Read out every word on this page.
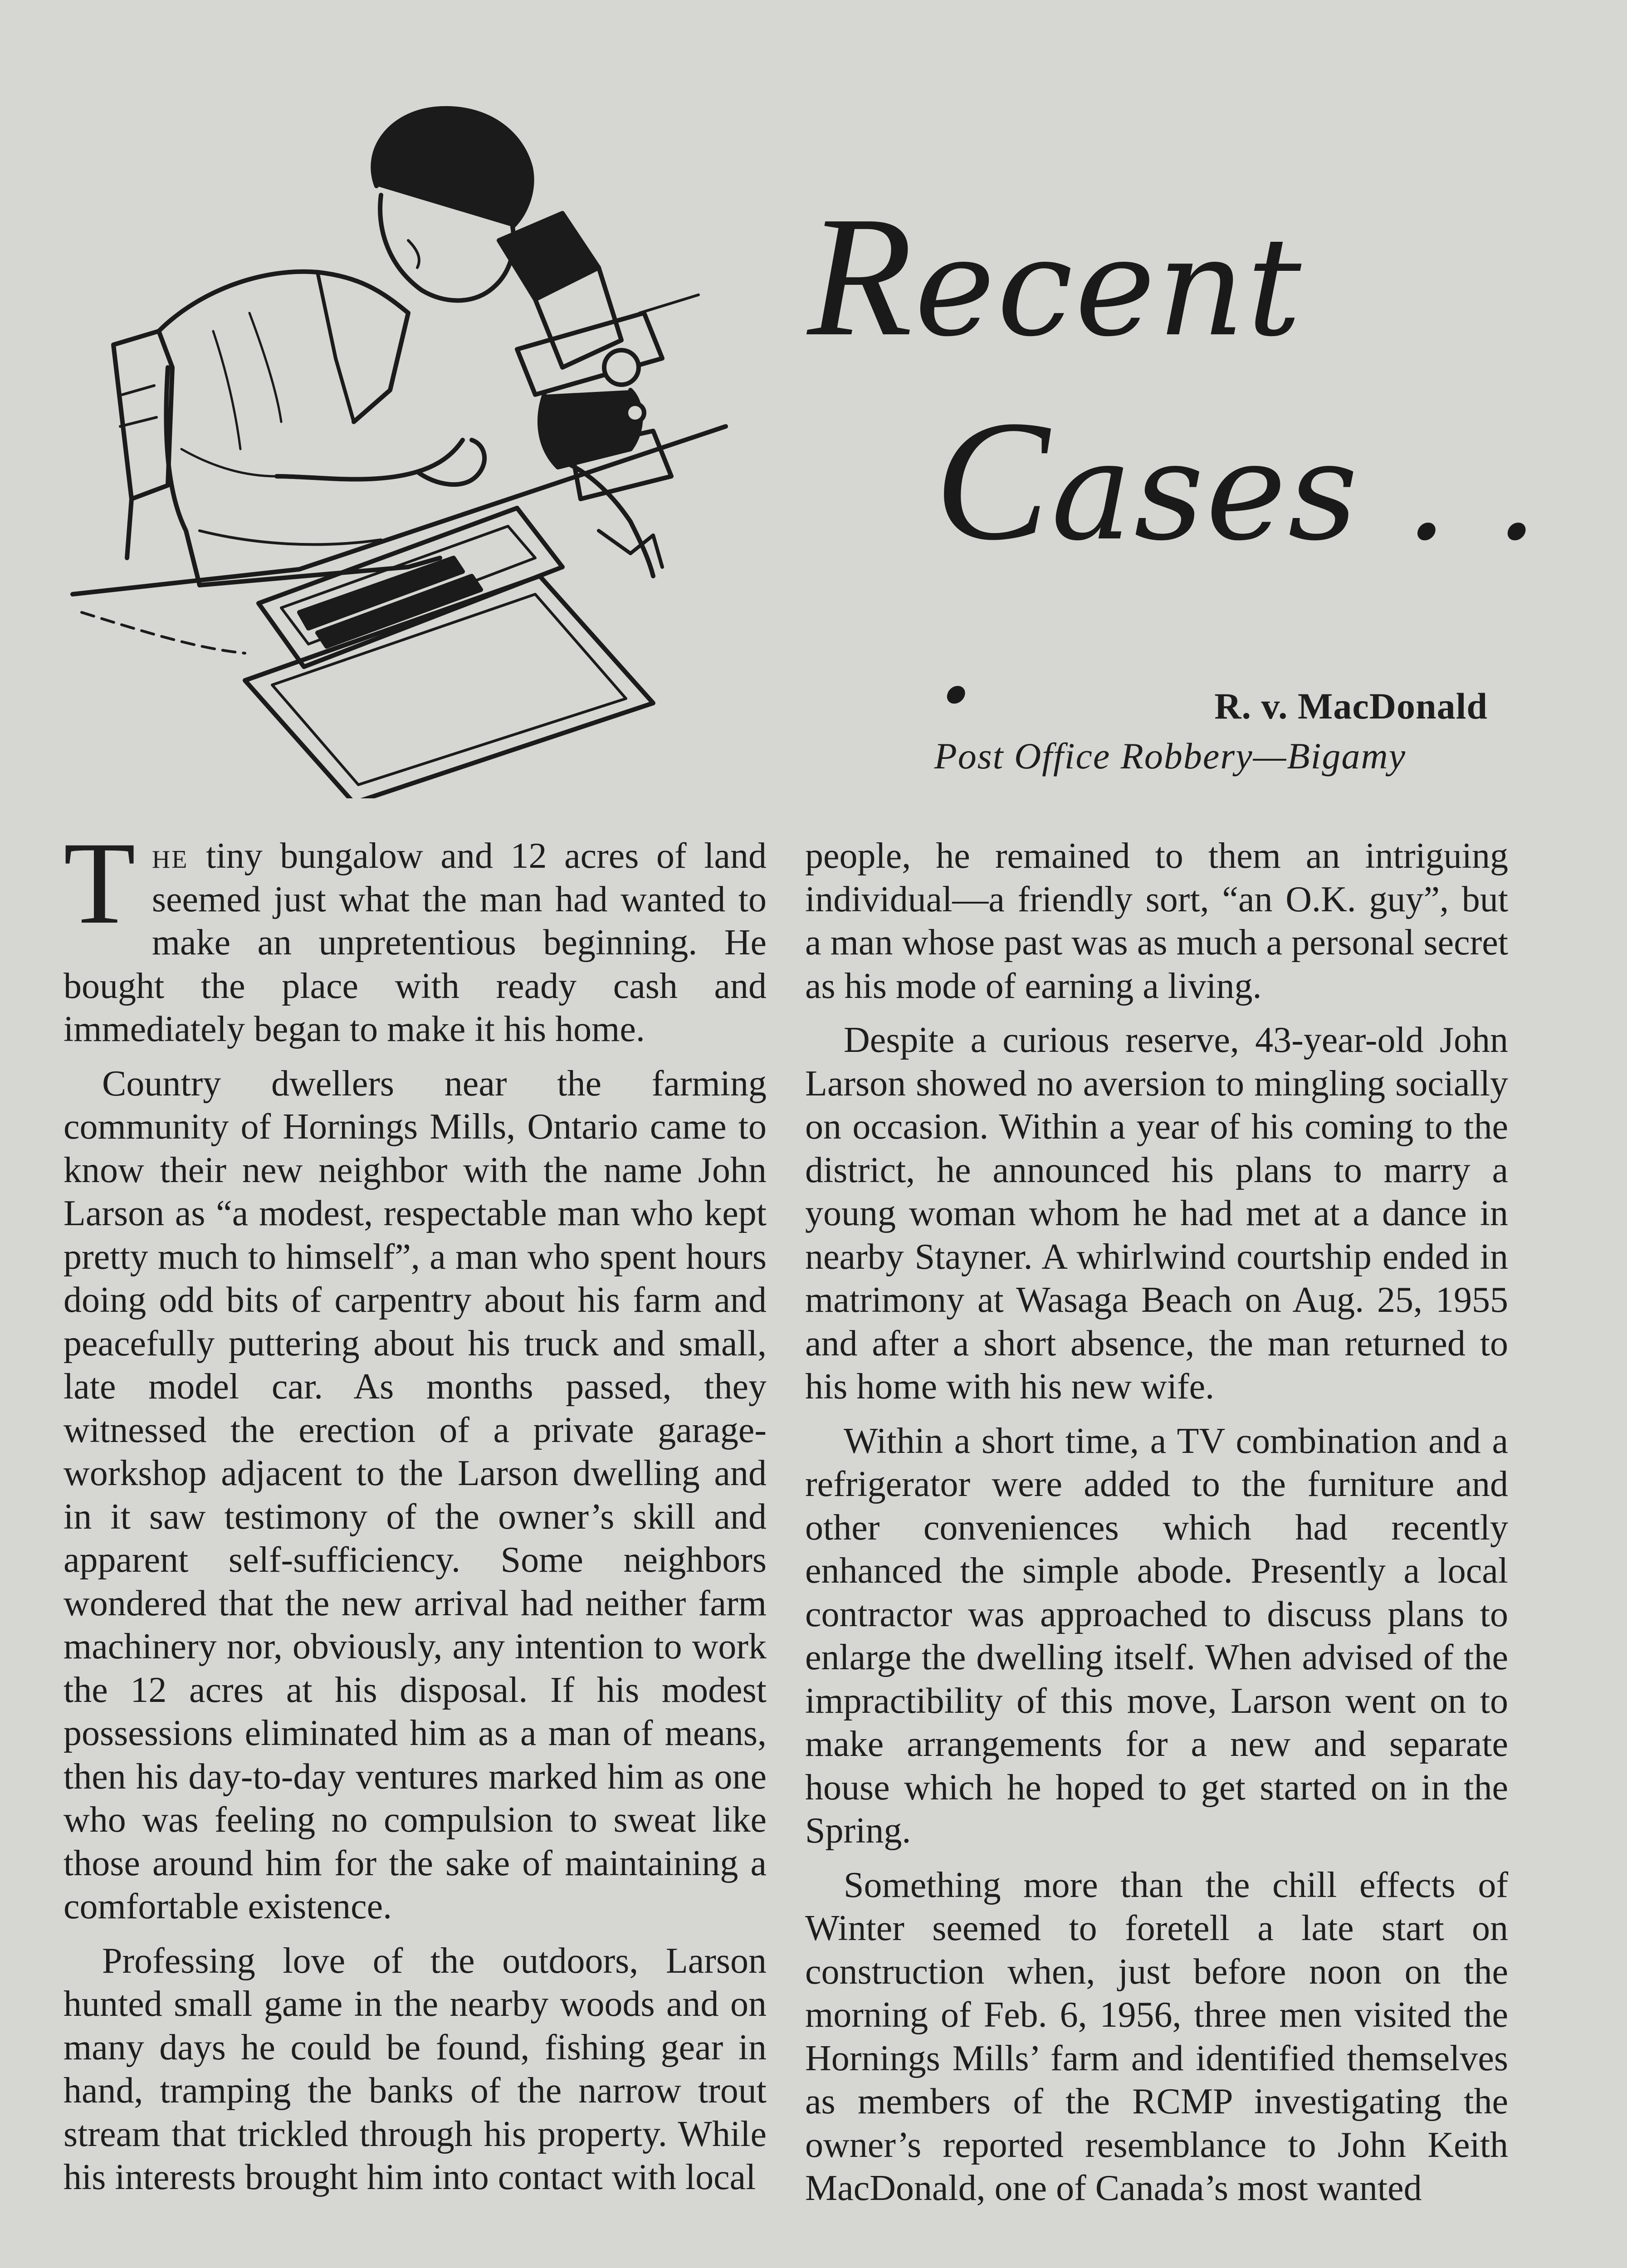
Recent
Cases . . .	R. v. MacDonald
Post Office Robbery—Bigamy

The tiny bungalow and 12 acres of land seemed just what the man had wanted to make an unpretentious beginning. He bought the place with ready cash and immediately began to make it his home.

Country dwellers near the farming community of Hornings Mills, Ontario came to know their new neighbor with the name John Larson as “a modest, respectable man who kept pretty much to himself”, a man who spent hours doing odd bits of carpentry about his farm and peacefully puttering about his truck and small, late model car. As months passed, they witnessed the erection of a private garage-workshop adjacent to the Larson dwelling and in it saw testimony of the owner’s skill and apparent self-sufficiency. Some neighbors wondered that the new arrival had neither farm machinery nor, obviously, any intention to work the 12 acres at his disposal. If his modest possessions eliminated him as a man of means, then his day-to-day ventures marked him as one who was feeling no compulsion to sweat like those around him for the sake of maintaining a comfortable existence.

Professing love of the outdoors, Larson hunted small game in the nearby woods and on many days he could be found, fishing gear in hand, tramping the banks of the narrow trout stream that trickled through his property. While his interests brought him into contact with local

people, he remained to them an intriguing individual—a friendly sort, “an O.K. guy”, but a man whose past was as much a personal secret as his mode of earning a living.

Despite a curious reserve, 43-year-old John Larson showed no aversion to mingling socially on occasion. Within a year of his coming to the district, he announced his plans to marry a young woman whom he had met at a dance in nearby Stayner. A whirlwind courtship ended in matrimony at Wasaga Beach on Aug. 25, 1955 and after a short absence, the man returned to his home with his new wife.

Within a short time, a TV combination and a refrigerator were added to the furniture and other conveniences which had recently enhanced the simple abode. Presently a local contractor was approached to discuss plans to enlarge the dwelling itself. When advised of the impractibility of this move, Larson went on to make arrangements for a new and separate house which he hoped to get started on in the Spring.

Something more than the chill effects of Winter seemed to foretell a late start on construction when, just before noon on the morning of Feb. 6, 1956, three men visited the Hornings Mills’ farm and identified themselves as members of the RCMP investigating the owner’s reported resemblance to John Keith MacDonald, one of Canada’s most wanted
